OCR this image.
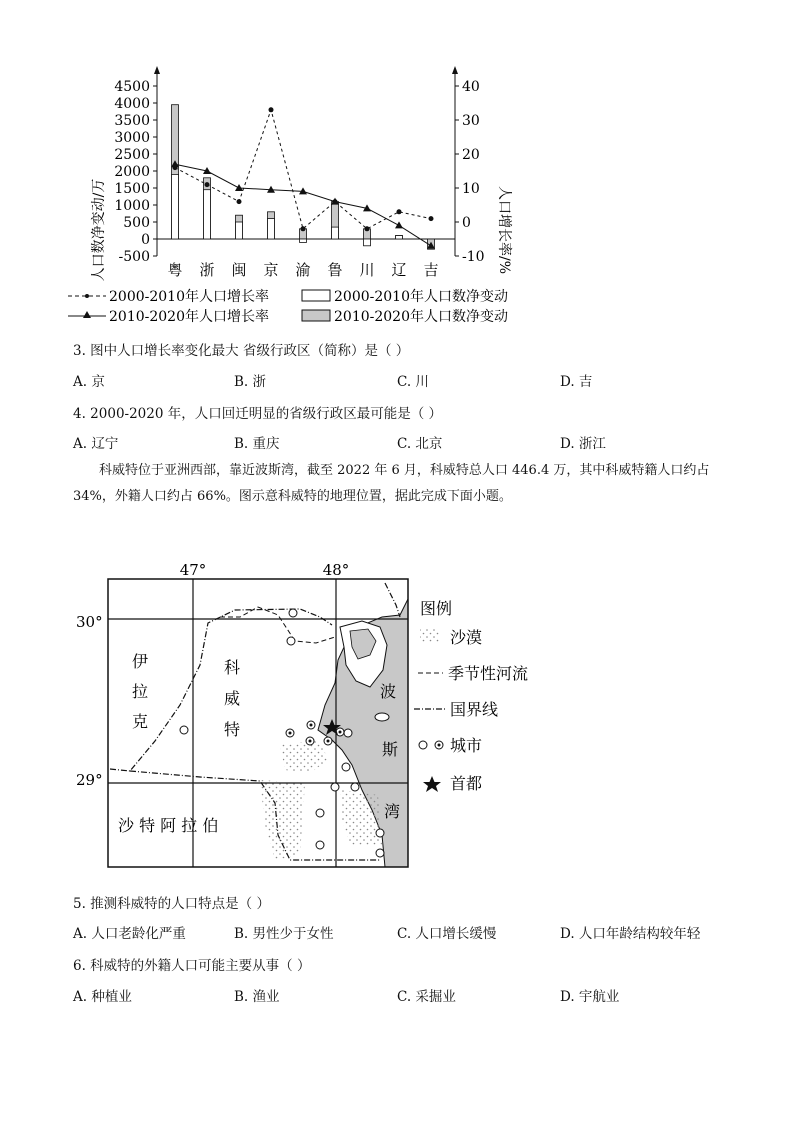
4500
4000
3500
3000
2500
2000
1500
1000
500
0
-500
40
30
20
10
0
-10
粤 浙 闽 京 渝 鲁 川 辽 吉
人口数净变动/万	人口增长率/%
2000-2010年人口增长率	2000-2010年人口数净变动
2010-2020年人口增长率	2010-2020年人口数净变动
3. 图中人口增长率变化最大 省级行政区（简称）是（ ）
A. 京	B. 浙	C. 川	D. 吉
4. 2000-2020 年，人口回迁明显的省级行政区最可能是（ ）
A. 辽宁	B. 重庆	C. 北京	D. 浙江
科威特位于亚洲西部，靠近波斯湾，截至 2022 年 6 月，科威特总人口 446.4 万，其中科威特籍人口约占 34%，外籍人口约占 66%。图示意科威特的地理位置，据此完成下面小题。
47°	48°
30°
29°
伊
拉
克
科
威
特
沙 特 阿 拉 伯
波
斯
湾
图例
沙漠
季节性河流
国界线
城市
首都
5. 推测科威特的人口特点是（ ）
A. 人口老龄化严重	B. 男性少于女性	C. 人口增长缓慢	D. 人口年龄结构较年轻
6. 科威特的外籍人口可能主要从事（ ）
A. 种植业	B. 渔业	C. 采掘业	D. 宇航业
